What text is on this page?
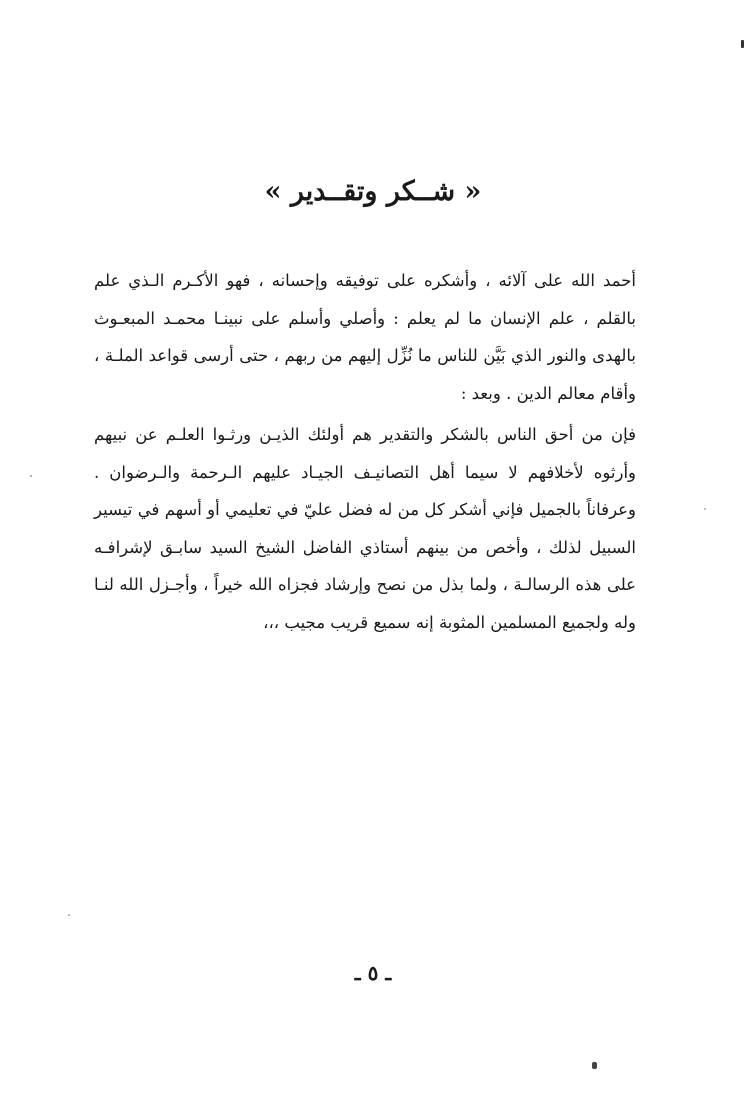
« شــكر وتقــدير »

أحمد الله على آلائه ، وأشكره على توفيقه وإحسانه ، فهو الأكـرم الـذي علم بالقلم ، علم الإنسان ما لم يعلم : وأصلي وأسلم على نبينـا محمـد المبعـوث بالهدى والنور الذي بَيَّن للناس ما نُزِّل إليهم من ربهم ، حتى أرسى قواعد الملـة ، وأقام معالم الدين . وبعد :

فإن من أحق الناس بالشكر والتقدير هم أولئك الذيـن ورثـوا العلـم عن نبيهم وأرثوه لأخلافهم لا سيما أهل التصانيـف الجيـاد عليهم الـرحمة والـرضوان . وعرفاناً بالجميل فإني أشكر كل من له فضل عليّ في تعليمي أو أسهم في تيسير السبيل لذلك ، وأخص من بينهم أستاذي الفاضل الشيخ السيد سابـق لإشرافـه على هذه الرسالـة ، ولما بذل من نصح وإرشاد فجزاه الله خيراً ، وأجـزل الله لنـا وله ولجميع المسلمين المثوبة إنه سميع قريب مجيب ،،،

ـ ٥ ـ
